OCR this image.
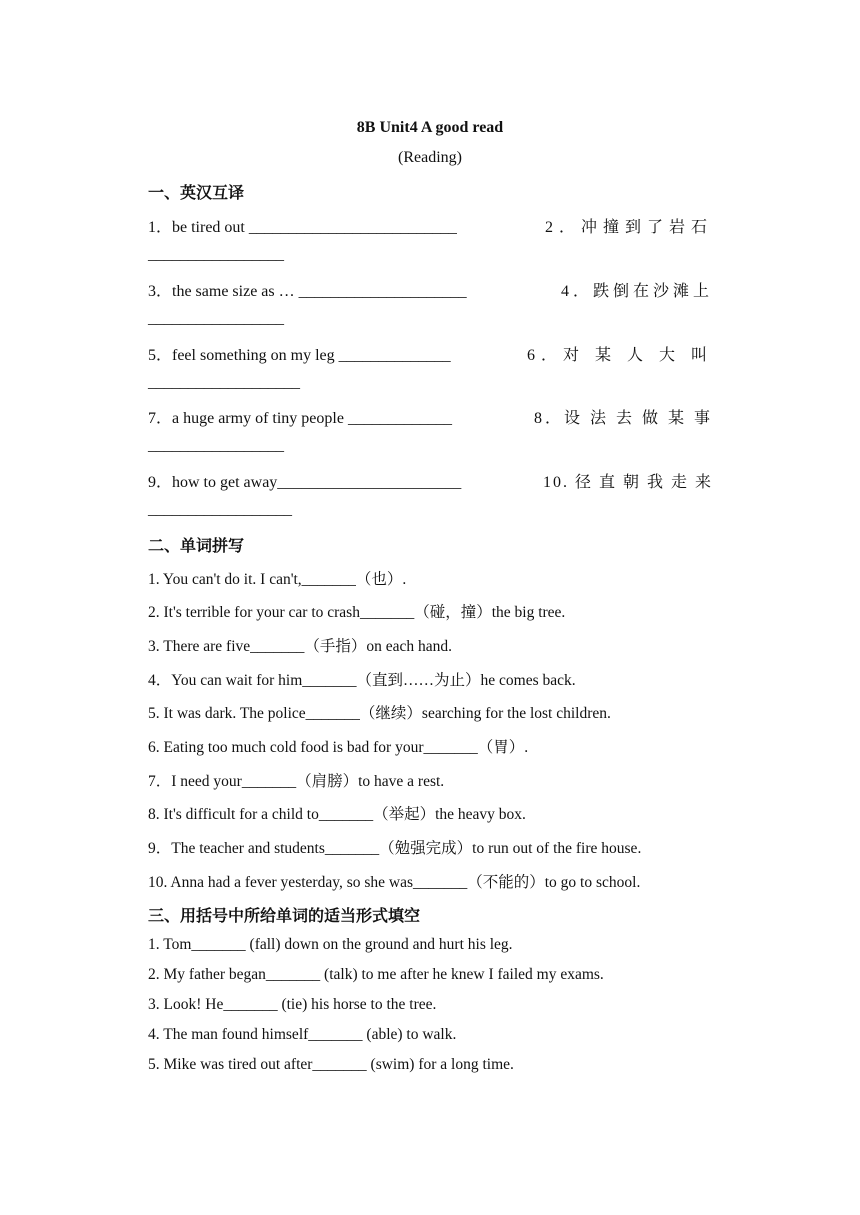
8B Unit4 A good read
(Reading)
一、英汉互译
1．be tired out __________________________	2．冲撞到了岩石
_________________
3．the same size as … _____________________	4．跌倒在沙滩上
_________________
5．feel something on my leg ______________	6．对 某 人 大 叫
___________________
7．a huge army of tiny people _____________	8．设 法 去 做 某 事
_________________
9．how to get away_______________________	10. 径 直 朝 我 走 来
__________________
二、单词拼写
1. You can't do it. I can't,_______（也）.
2. It's terrible for your car to crash_______（碰，撞）the big tree.
3. There are five_______（手指）on each hand.
4．You can wait for him_______（直到……为止）he comes back.
5. It was dark. The police_______（继续）searching for the lost children.
6. Eating too much cold food is bad for your_______（胃）.
7．I need your_______（肩膀）to have a rest.
8. It's difficult for a child to_______（举起）the heavy box.
9．The teacher and students_______（勉强完成）to run out of the fire house.
10. Anna had a fever yesterday, so she was_______（不能的）to go to school.
三、用括号中所给单词的适当形式填空
1. Tom_______ (fall) down on the ground and hurt his leg.
2. My father began_______ (talk) to me after he knew I failed my exams.
3. Look! He_______ (tie) his horse to the tree.
4. The man found himself_______ (able) to walk.
5. Mike was tired out after_______ (swim) for a long time.
